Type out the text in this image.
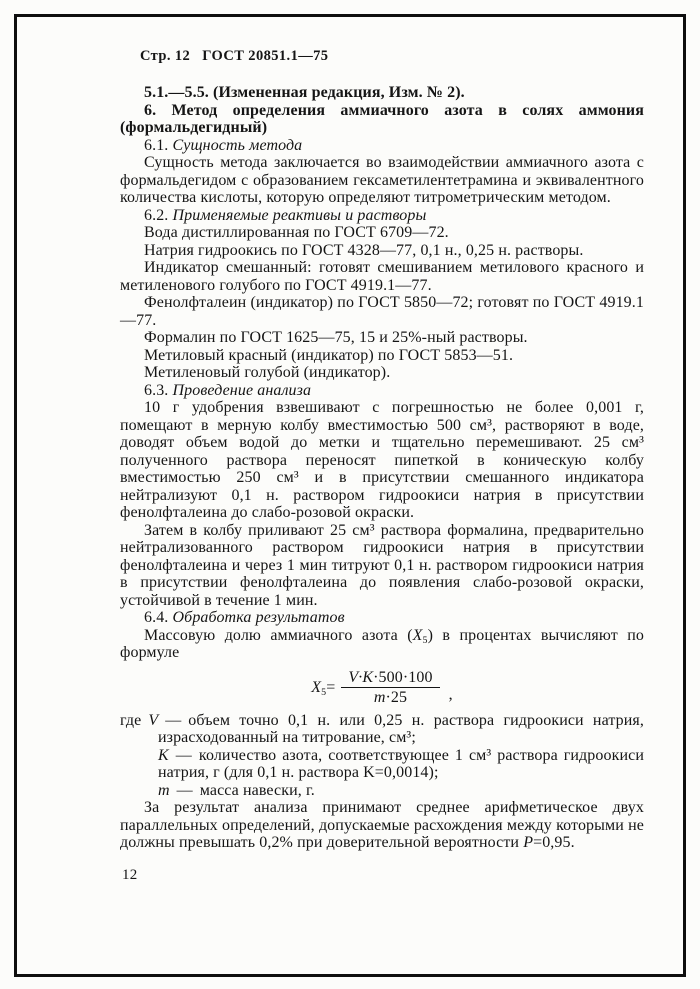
Стр. 12 ГОСТ 20851.1—75

5.1.—5.5. (Измененная редакция, Изм. № 2).

6. Метод определения аммиачного азота в солях аммония (формальдегидный)

6.1. Сущность метода

Сущность метода заключается во взаимодействии аммиачного азота с формальдегидом с образованием гексаметилентетрамина и эквивалентного количества кислоты, которую определяют титрометрическим методом.

6.2. Применяемые реактивы и растворы

Вода дистиллированная по ГОСТ 6709—72.

Натрия гидроокись по ГОСТ 4328—77, 0,1 н., 0,25 н. растворы.

Индикатор смешанный: готовят смешиванием метилового красного и метиленового голубого по ГОСТ 4919.1—77.

Фенолфталеин (индикатор) по ГОСТ 5850—72; готовят по ГОСТ 4919.1—77.

Формалин по ГОСТ 1625—75, 15 и 25%-ный растворы.

Метиловый красный (индикатор) по ГОСТ 5853—51.

Метиленовый голубой (индикатор).

6.3. Проведение анализа

10 г удобрения взвешивают с погрешностью не более 0,001 г, помещают в мерную колбу вместимостью 500 см³, растворяют в воде, доводят объем водой до метки и тщательно перемешивают. 25 см³ полученного раствора переносят пипеткой в коническую колбу вместимостью 250 см³ и в присутствии смешанного индикатора нейтрализуют 0,1 н. раствором гидроокиси натрия в присутствии фенолфталеина до слабо-розовой окраски.

Затем в колбу приливают 25 см³ раствора формалина, предварительно нейтрализованного раствором гидроокиси натрия в присутствии фенолфталеина и через 1 мин титруют 0,1 н. раствором гидроокиси натрия в присутствии фенолфталеина до появления слабо-розовой окраски, устойчивой в течение 1 мин.

6.4. Обработка результатов

Массовую долю аммиачного азота $(X_5)$ в процентах вычисляют по формуле

$X_5= \frac{V\cdot K\cdot 500\cdot 100}{m\cdot 25}$ ,

где V — объем точно 0,1 н. или 0,25 н. раствора гидроокиси натрия, израсходованный на титрование, см³;

K — количество азота, соответствующее 1 см³ раствора гидроокиси натрия, г (для 0,1 н. раствора K=0,0014);

m — масса навески, г.

За результат анализа принимают среднее арифметическое двух параллельных определений, допускаемые расхождения между которыми не должны превышать 0,2% при доверительной вероятности P=0,95.

12
